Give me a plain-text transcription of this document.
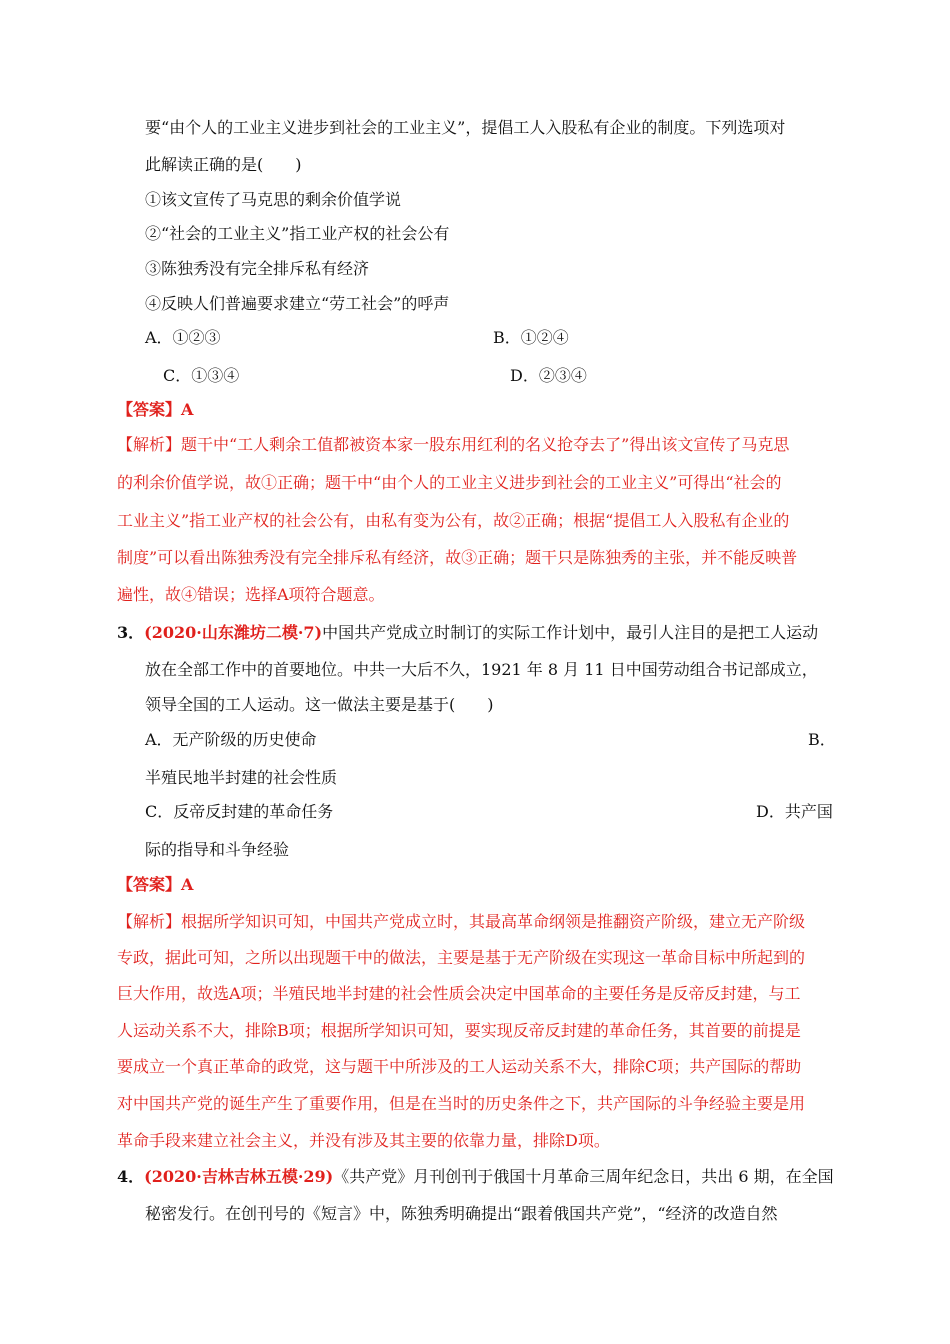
要“由个人的工业主义进步到社会的工业主义”，提倡工人入股私有企业的制度。下列选项对
此解读正确的是(　　)
①该文宣传了马克思的剩余价值学说
②“社会的工业主义”指工业产权的社会公有
③陈独秀没有完全排斥私有经济
④反映人们普遍要求建立“劳工社会”的呼声
A．①②③	B．①②④
C．①③④	D．②③④
【答案】A
【解析】题干中“工人剩余工值都被资本家一股东用红利的名义抢夺去了”得出该文宣传了马克思
的利余价值学说，故①正确；题干中“由个人的工业主义进步到社会的工业主义”可得出“社会的
工业主义”指工业产权的社会公有，由私有变为公有，故②正确；根据“提倡工人入股私有企业的
制度”可以看出陈独秀没有完全排斥私有经济，故③正确；题干只是陈独秀的主张，并不能反映普
遍性，故④错误；选择A项符合题意。
3．(2020·山东潍坊二模·7)中国共产党成立时制订的实际工作计划中，最引人注目的是把工人运动
放在全部工作中的首要地位。中共一大后不久，1921 年 8 月 11 日中国劳动组合书记部成立，
领导全国的工人运动。这一做法主要是基于(　　)
A．无产阶级的历史使命	B．
半殖民地半封建的社会性质
C．反帝反封建的革命任务	D．共产国
际的指导和斗争经验
【答案】A
【解析】根据所学知识可知，中国共产党成立时，其最高革命纲领是推翻资产阶级，建立无产阶级
专政，据此可知，之所以出现题干中的做法，主要是基于无产阶级在实现这一革命目标中所起到的
巨大作用，故选A项；半殖民地半封建的社会性质会决定中国革命的主要任务是反帝反封建，与工
人运动关系不大，排除B项；根据所学知识可知，要实现反帝反封建的革命任务，其首要的前提是
要成立一个真正革命的政党，这与题干中所涉及的工人运动关系不大，排除C项；共产国际的帮助
对中国共产党的诞生产生了重要作用，但是在当时的历史条件之下，共产国际的斗争经验主要是用
革命手段来建立社会主义，并没有涉及其主要的依靠力量，排除D项。
4．(2020·吉林吉林五模·29)《共产党》月刊创刊于俄国十月革命三周年纪念日，共出 6 期，在全国
秘密发行。在创刊号的《短言》中，陈独秀明确提出“跟着俄国共产党”，“经济的改造自然
